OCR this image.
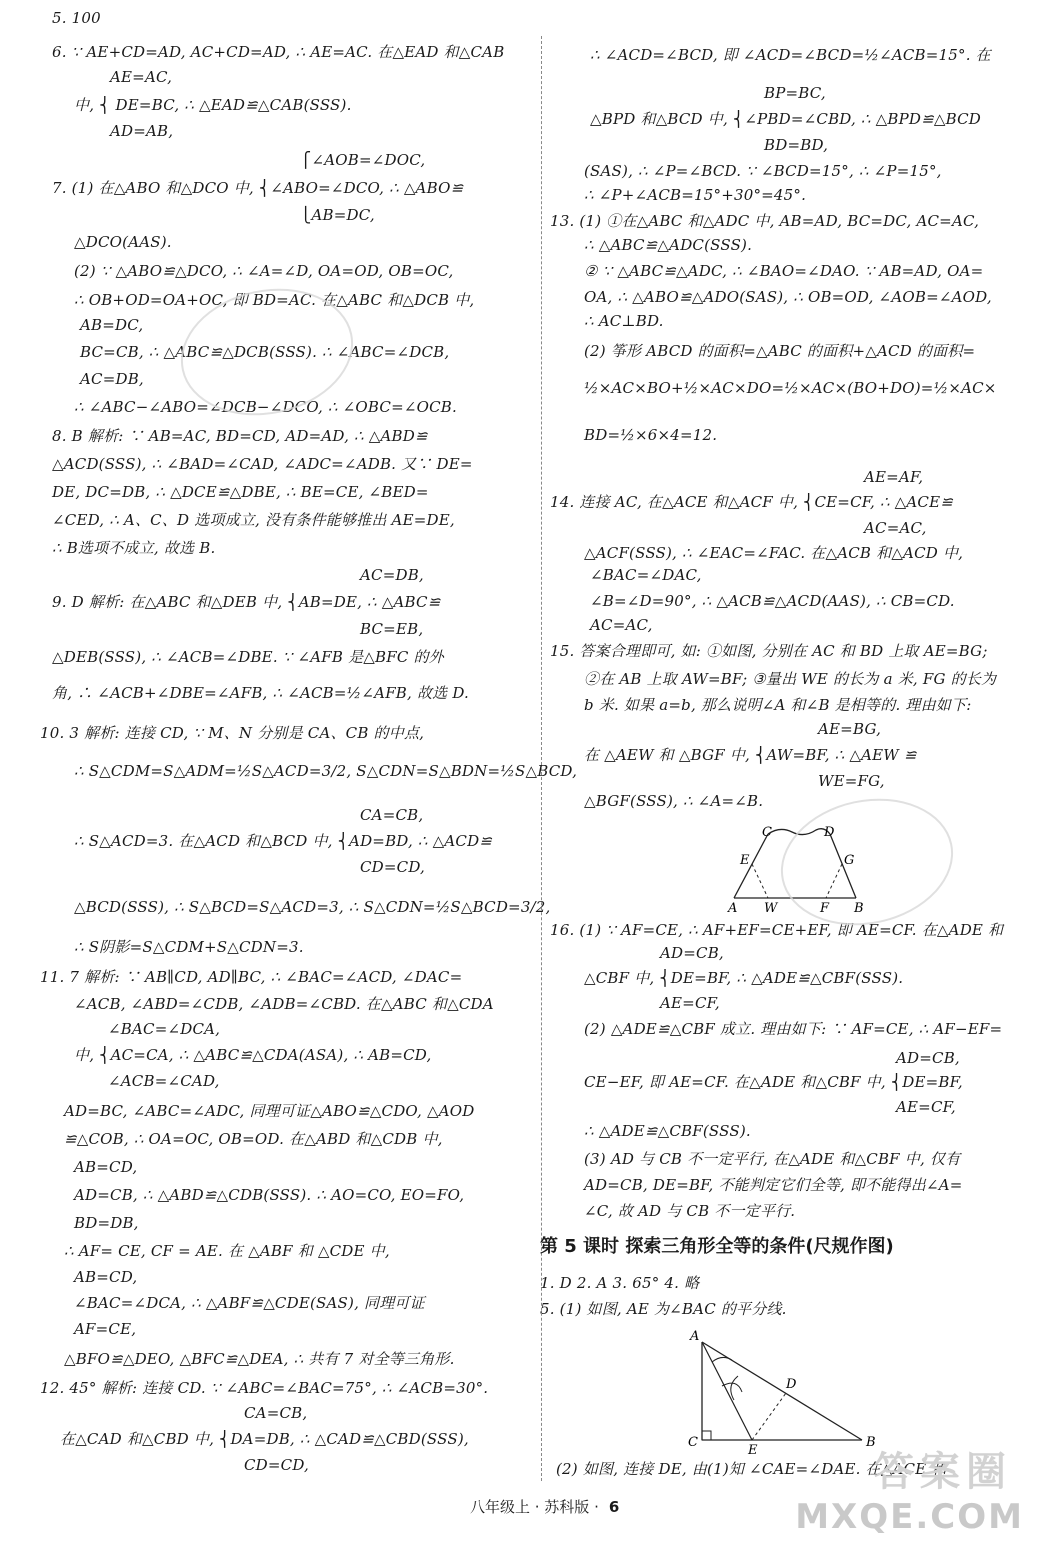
5. 100
6. ∵ AE+CD=AD, AC+CD=AD, ∴ AE=AC. 在△EAD 和△CAB
AE=AC,
中, ⎨ DE=BC, ∴ △EAD≌△CAB(SSS).
AD=AB,
⎧∠AOB=∠DOC,
7. (1) 在△ABO 和△DCO 中, ⎨∠ABO=∠DCO, ∴ △ABO≌
⎩AB=DC,
△DCO(AAS).
(2) ∵ △ABO≌△DCO, ∴ ∠A=∠D, OA=OD, OB=OC,
∴ OB+OD=OA+OC, 即 BD=AC. 在△ABC 和△DCB 中,
AB=DC,
BC=CB, ∴ △ABC≌△DCB(SSS). ∴ ∠ABC=∠DCB,
AC=DB,
∴ ∠ABC−∠ABO=∠DCB−∠DCO, ∴ ∠OBC=∠OCB.
8. B 解析: ∵ AB=AC, BD=CD, AD=AD, ∴ △ABD≌
△ACD(SSS), ∴ ∠BAD=∠CAD, ∠ADC=∠ADB. 又∵ DE=
DE, DC=DB, ∴ △DCE≌△DBE, ∴ BE=CE, ∠BED=
∠CED, ∴ A、C、D 选项成立, 没有条件能够推出 AE=DE,
∴ B选项不成立, 故选 B.
AC=DB,
9. D 解析: 在△ABC 和△DEB 中, ⎨AB=DE, ∴ △ABC≌
BC=EB,
△DEB(SSS), ∴ ∠ACB=∠DBE. ∵ ∠AFB 是△BFC 的外
角, ∴ ∠ACB+∠DBE=∠AFB, ∴ ∠ACB=½∠AFB, 故选 D.
10. 3 解析: 连接 CD, ∵ M、N 分别是 CA、CB 的中点,
∴ S△CDM=S△ADM=½S△ACD=3/2, S△CDN=S△BDN=½S△BCD,
CA=CB,
∴ S△ACD=3. 在△ACD 和△BCD 中, ⎨AD=BD, ∴ △ACD≌
CD=CD,
△BCD(SSS), ∴ S△BCD=S△ACD=3, ∴ S△CDN=½S△BCD=3/2,
∴ S阴影=S△CDM+S△CDN=3.
11. 7 解析: ∵ AB∥CD, AD∥BC, ∴ ∠BAC=∠ACD, ∠DAC=
∠ACB, ∠ABD=∠CDB, ∠ADB=∠CBD. 在△ABC 和△CDA
∠BAC=∠DCA,
中, ⎨AC=CA, ∴ △ABC≌△CDA(ASA), ∴ AB=CD,
∠ACB=∠CAD,
AD=BC, ∠ABC=∠ADC, 同理可证△ABO≌△CDO, △AOD
≌△COB, ∴ OA=OC, OB=OD. 在△ABD 和△CDB 中,
AB=CD,
AD=CB, ∴ △ABD≌△CDB(SSS). ∴ AO=CO, EO=FO,
BD=DB,
∴ AF= CE, CF = AE. 在 △ABF 和 △CDE 中,
AB=CD,
∠BAC=∠DCA, ∴ △ABF≌△CDE(SAS), 同理可证
AF=CE,
△BFO≌△DEO, △BFC≌△DEA, ∴ 共有 7 对全等三角形.
12. 45° 解析: 连接 CD. ∵ ∠ABC=∠BAC=75°, ∴ ∠ACB=30°.
CA=CB,
在△CAD 和△CBD 中, ⎨DA=DB, ∴ △CAD≌△CBD(SSS),
CD=CD,
∴ ∠ACD=∠BCD, 即 ∠ACD=∠BCD=½∠ACB=15°. 在
BP=BC,
△BPD 和△BCD 中, ⎨∠PBD=∠CBD, ∴ △BPD≌△BCD
BD=BD,
(SAS), ∴ ∠P=∠BCD. ∵ ∠BCD=15°, ∴ ∠P=15°,
∴ ∠P+∠ACB=15°+30°=45°.
13. (1) ①在△ABC 和△ADC 中, AB=AD, BC=DC, AC=AC,
∴ △ABC≌△ADC(SSS).
② ∵ △ABC≌△ADC, ∴ ∠BAO=∠DAO. ∵ AB=AD, OA=
OA, ∴ △ABO≌△ADO(SAS), ∴ OB=OD, ∠AOB=∠AOD,
∴ AC⊥BD.
(2) 筝形 ABCD 的面积=△ABC 的面积+△ACD 的面积=
½×AC×BO+½×AC×DO=½×AC×(BO+DO)=½×AC×
BD=½×6×4=12.
AE=AF,
14. 连接 AC, 在△ACE 和△ACF 中, ⎨CE=CF, ∴ △ACE≌
AC=AC,
△ACF(SSS), ∴ ∠EAC=∠FAC. 在△ACB 和△ACD 中,
∠BAC=∠DAC,
∠B=∠D=90°, ∴ △ACB≌△ACD(AAS), ∴ CB=CD.
AC=AC,
15. 答案合理即可, 如: ①如图, 分别在 AC 和 BD 上取 AE=BG;
②在 AB 上取 AW=BF; ③量出 WE 的长为 a 米, FG 的长为
b 米. 如果 a=b, 那么说明∠A 和∠B 是相等的. 理由如下:
AE=BG,
在 △AEW 和 △BGF 中, ⎨AW=BF, ∴ △AEW ≌
WE=FG,
△BGF(SSS), ∴ ∠A=∠B.
16. (1) ∵ AF=CE, ∴ AF+EF=CE+EF, 即 AE=CF. 在△ADE 和
AD=CB,
△CBF 中, ⎨DE=BF, ∴ △ADE≌△CBF(SSS).
AE=CF,
(2) △ADE≌△CBF 成立. 理由如下: ∵ AF=CE, ∴ AF−EF=
AD=CB,
CE−EF, 即 AE=CF. 在△ADE 和△CBF 中, ⎨DE=BF,
AE=CF,
∴ △ADE≌△CBF(SSS).
(3) AD 与 CB 不一定平行, 在△ADE 和△CBF 中, 仅有
AD=CB, DE=BF, 不能判定它们全等, 即不能得出∠A=
∠C, 故 AD 与 CB 不一定平行.
1. D 2. A 3. 65° 4. 略
5. (1) 如图, AE 为∠BAC 的平分线.
(2) 如图, 连接 DE, 由(1)知 ∠CAE=∠DAE. 在△ACE 和
第 5 课时 探索三角形全等的条件(尺规作图)
C	D
E	G
A W	F B
A
D
C
E
B
八年级上 · 苏科版 · 6
答案圈
MXQE.COM
